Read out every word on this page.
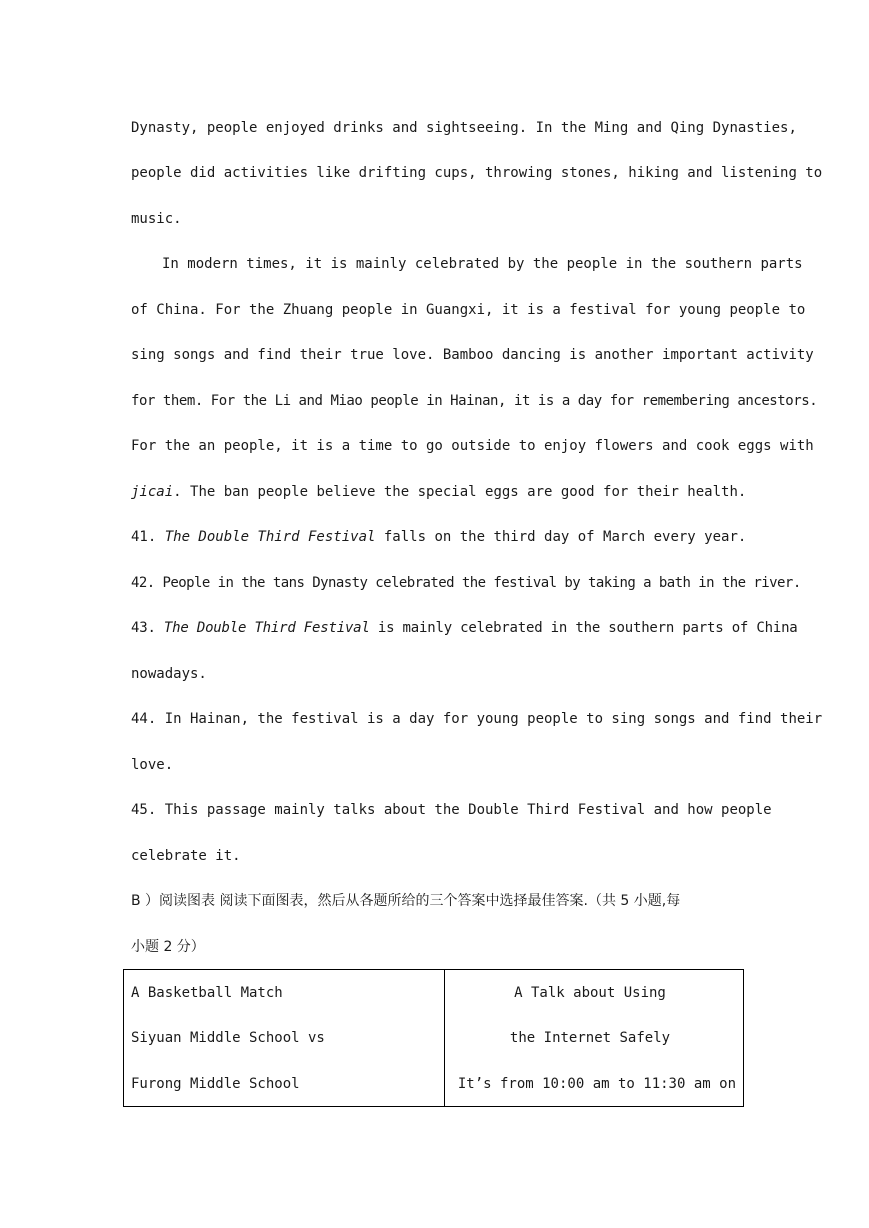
Dynasty, people enjoyed drinks and sightseeing. In the Ming and Qing Dynasties,
people did activities like drifting cups, throwing stones, hiking and listening to
music.
In modern times, it is mainly celebrated by the people in the southern parts
of China. For the Zhuang people in Guangxi, it is a festival for young people to
sing songs and find their true love. Bamboo dancing is another important activity
for them. For the Li and Miao people in Hainan, it is a day for remembering ancestors.
For the an people, it is a time to go outside to enjoy flowers and cook eggs with
jicai. The ban people believe the special eggs are good for their health.
41. The Double Third Festival falls on the third day of March every year.
42. People in the tans Dynasty celebrated the festival by taking a bath in the river.
43. The Double Third Festival is mainly celebrated in the southern parts of China
nowadays.
44. In Hainan, the festival is a day for young people to sing songs and find their
love.
45. This passage mainly talks about the Double Third Festival and how people
celebrate it.
B ）阅读图表 阅读下面图表，然后从各题所给的三个答案中选择最佳答案.（共 5 小题,每
小题 2 分）
A Basketball Match
Siyuan Middle School vs
Furong Middle School
A Talk about Using
the Internet Safely
It’s from 10:00 am to 11:30 am on
